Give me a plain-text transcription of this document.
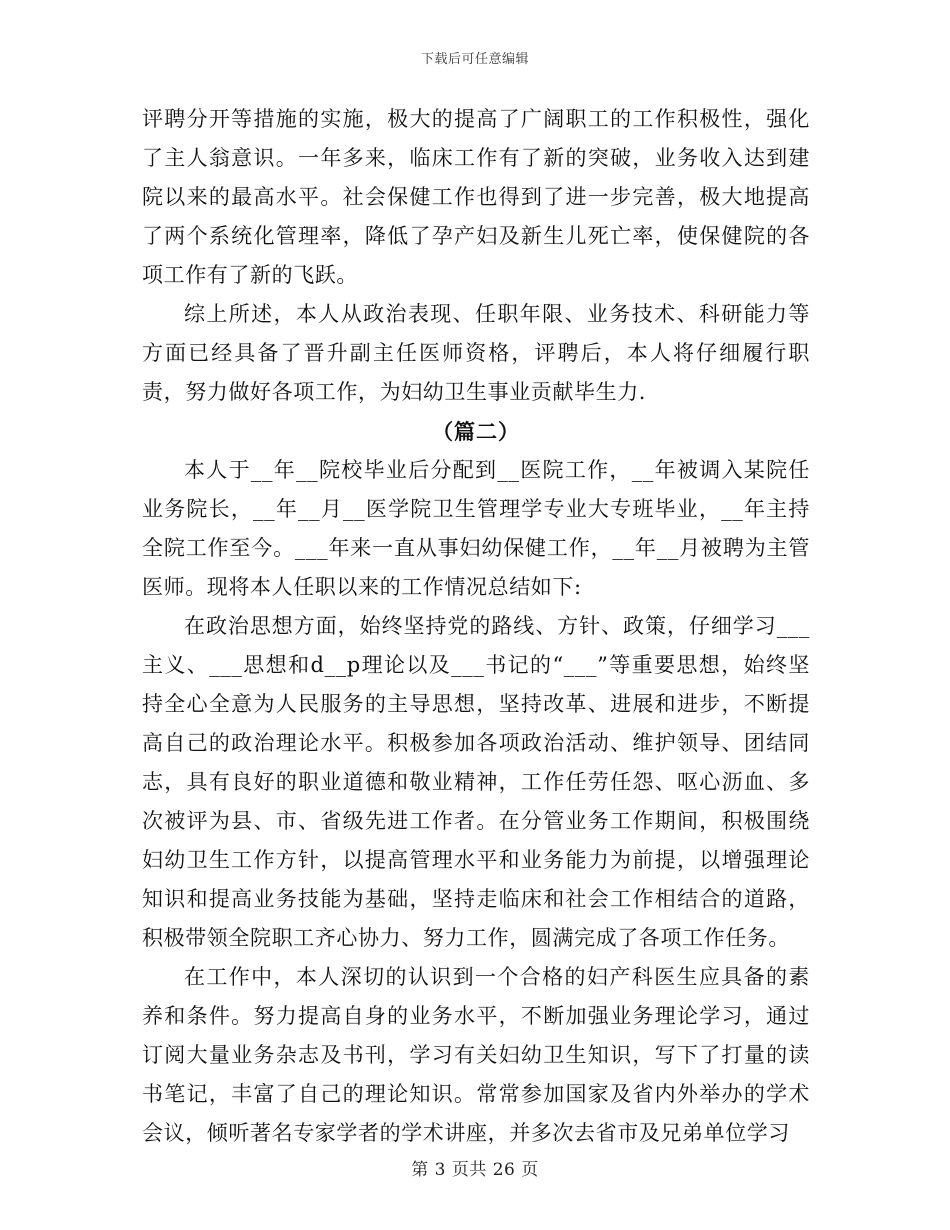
下载后可任意编辑

评聘分开等措施的实施，极大的提高了广阔职工的工作积极性，强化了主人翁意识。一年多来，临床工作有了新的突破，业务收入达到建院以来的最高水平。社会保健工作也得到了进一步完善，极大地提高了两个系统化管理率，降低了孕产妇及新生儿死亡率，使保健院的各项工作有了新的飞跃。

综上所述，本人从政治表现、任职年限、业务技术、科研能力等方面已经具备了晋升副主任医师资格，评聘后，本人将仔细履行职责，努力做好各项工作，为妇幼卫生事业贡献毕生力.

（篇二）

本人于__年__院校毕业后分配到__医院工作，__年被调入某院任业务院长，__年__月__医学院卫生管理学专业大专班毕业，__年主持全院工作至今。___年来一直从事妇幼保健工作，__年__月被聘为主管医师。现将本人任职以来的工作情况总结如下:

在政治思想方面，始终坚持党的路线、方针、政策，仔细学习___主义、___思想和d__p理论以及___书记的“___”等重要思想，始终坚持全心全意为人民服务的主导思想，坚持改革、进展和进步，不断提高自己的政治理论水平。积极参加各项政治活动、维护领导、团结同志，具有良好的职业道德和敬业精神，工作任劳任怨、呕心沥血、多次被评为县、市、省级先进工作者。在分管业务工作期间，积极围绕妇幼卫生工作方针，以提高管理水平和业务能力为前提，以增强理论知识和提高业务技能为基础，坚持走临床和社会工作相结合的道路，积极带领全院职工齐心协力、努力工作，圆满完成了各项工作任务。

在工作中，本人深切的认识到一个合格的妇产科医生应具备的素养和条件。努力提高自身的业务水平，不断加强业务理论学习，通过订阅大量业务杂志及书刊，学习有关妇幼卫生知识，写下了打量的读书笔记，丰富了自己的理论知识。常常参加国家及省内外举办的学术会议，倾听著名专家学者的学术讲座，并多次去省市及兄弟单位学习

第 3 页共 26 页
